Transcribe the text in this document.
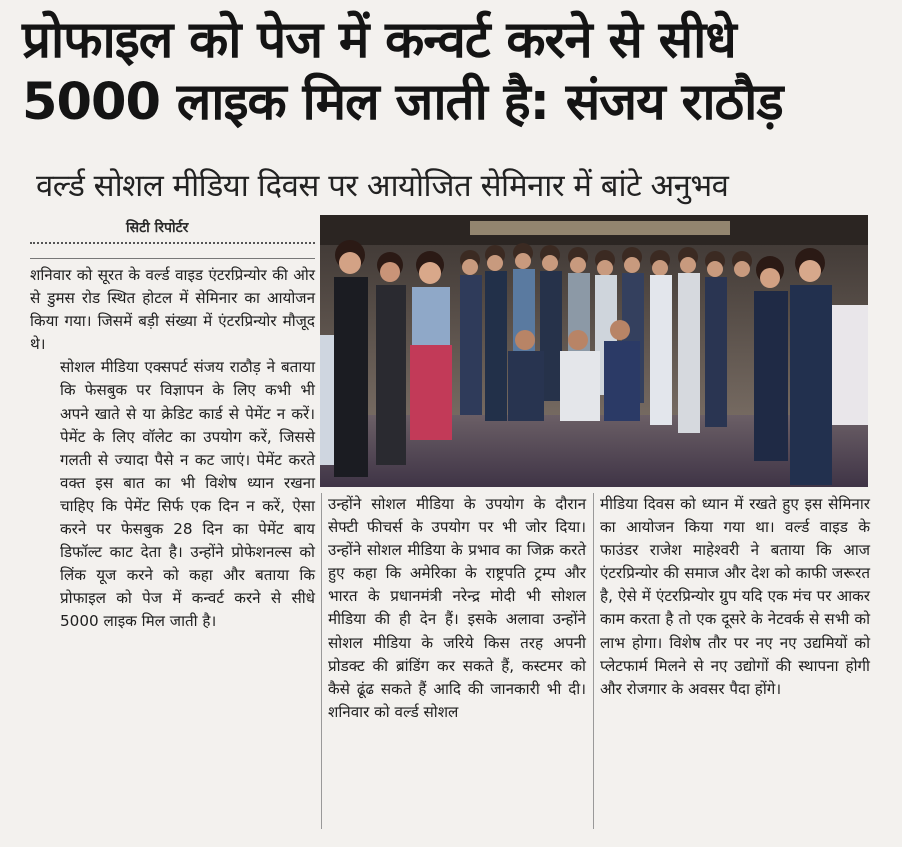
प्रोफाइल को पेज में कन्वर्ट करने से सीधे 5000 लाइक मिल जाती है: संजय राठौड़
वर्ल्ड सोशल मीडिया दिवस पर आयोजित सेमिनार में बांटे अनुभव
सिटी रिपोर्टर

शनिवार को सूरत के वर्ल्ड वाइड एंटरप्रिन्योर की ओर से डुमस रोड स्थित होटल में सेमिनार का आयोजन किया गया। जिसमें बड़ी संख्या में एंटरप्रिन्योर मौजूद थे।

सोशल मीडिया एक्सपर्ट संजय राठौड़ ने बताया कि फेसबुक पर विज्ञापन के लिए कभी भी अपने खाते से या क्रेडिट कार्ड से पेमेंट न करें। पेमेंट के लिए वॉलेट का उपयोग करें, जिससे गलती से ज्यादा पैसे न कट जाएं। पेमेंट करते वक्त इस बात का भी विशेष ध्यान रखना चाहिए कि पेमेंट सिर्फ एक दिन न करें, ऐसा करने पर फेसबुक 28 दिन का पेमेंट बाय डिफॉल्ट काट देता है। उन्होंने प्रोफेशनल्स को लिंक यूज करने को कहा और बताया कि प्रोफाइल को पेज में कन्वर्ट करने से सीधे 5000 लाइक मिल जाती है।

उन्होंने सोशल मीडिया के उपयोग के दौरान सेफ्टी फीचर्स के उपयोग पर भी जोर दिया। उन्होंने सोशल मीडिया के प्रभाव का जिक्र करते हुए कहा कि अमेरिका के राष्ट्रपति ट्रम्प और भारत के प्रधानमंत्री नरेन्द्र मोदी भी सोशल मीडिया की ही देन हैं। इसके अलावा उन्होंने सोशल मीडिया के जरिये किस तरह अपनी प्रोडक्ट की ब्रांडिंग कर सकते हैं, कस्टमर को कैसे ढूंढ सकते हैं आदि की जानकारी भी दी। शनिवार को वर्ल्ड सोशल

मीडिया दिवस को ध्यान में रखते हुए इस सेमिनार का आयोजन किया गया था। वर्ल्ड वाइड के फाउंडर राजेश माहेश्वरी ने बताया कि आज एंटरप्रिन्योर की समाज और देश को काफी जरूरत है, ऐसे में एंटरप्रिन्योर ग्रुप यदि एक मंच पर आकर काम करता है तो एक दूसरे के नेटवर्क से सभी को लाभ होगा। विशेष तौर पर नए नए उद्यमियों को प्लेटफार्म मिलने से नए उद्योगों की स्थापना होगी और रोजगार के अवसर पैदा होंगे।
